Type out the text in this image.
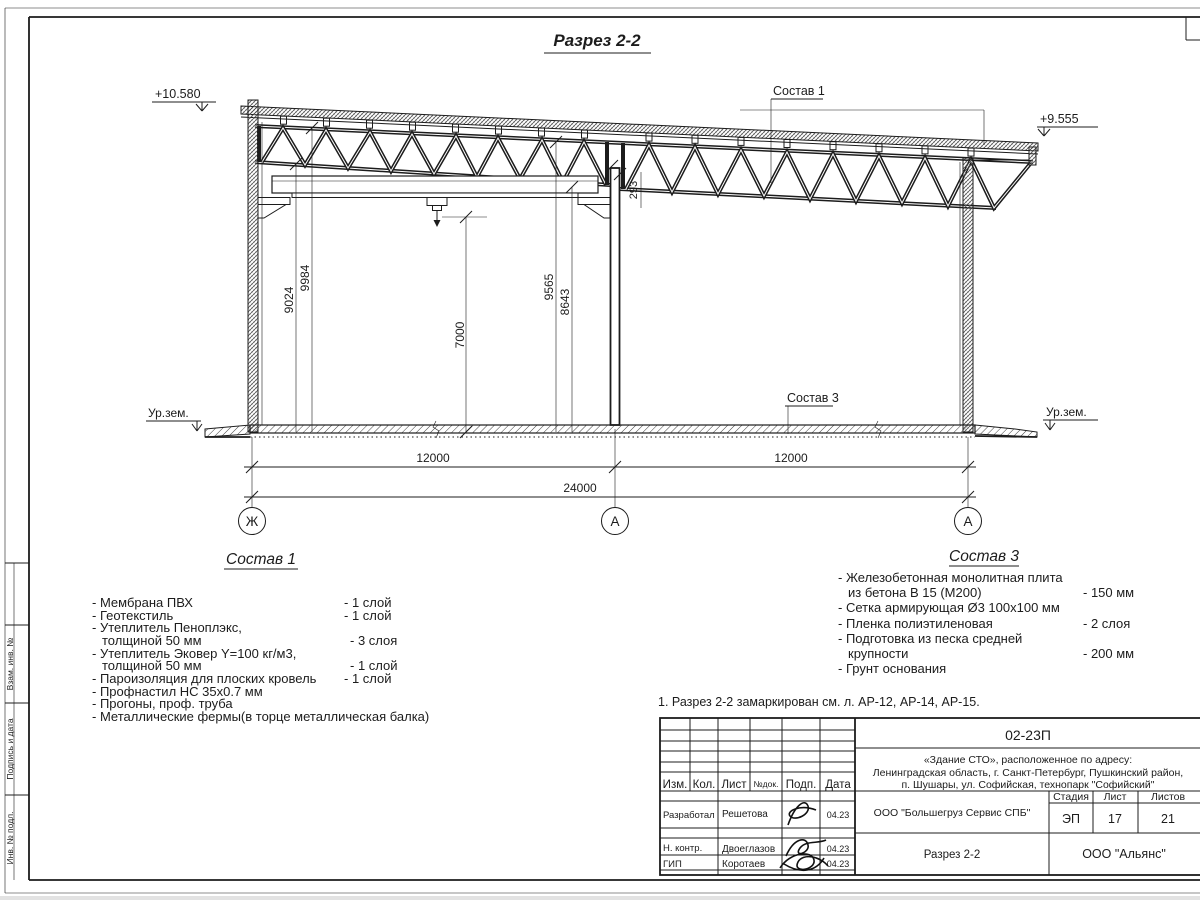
Взам. инв. №
Подпись и дата
Инв. № подл.
Разрез 2-2
+10.580
+9.555
Ур.зем.	Ур.зем.
Состав 1
Состав 3
9024
9984
7000
9565
8643
293
12000	12000
24000
Ж	А	А
Состав 1
- Мембрана ПВХ	- 1 слой
- Геотекстиль	- 1 слой
- Утеплитель Пеноплэкс,
толщиной 50 мм	- 3 слоя
- Утеплитель Эковер Y=100 кг/м3,
толщиной 50 мм	- 1 слой
- Пароизоляция для плоских кровель - 1 слой
- Профнастил НС 35х0.7 мм
- Прогоны, проф. труба
- Металлические фермы(в торце металлическая балка)
Состав 3
- Железобетонная монолитная плита
из бетона В 15 (М200)	- 150 мм
- Сетка армирующая Ø3 100х100 мм
- Пленка полиэтиленовая	- 2 слоя
- Подготовка из песка средней
крупности	- 200 мм
- Грунт основания
1. Разрез 2-2 замаркирован см. л. АР-12, АР-14, АР-15.
Изм. Кол. Лист №док. Подп. Дата
Разработал Решетова	04.23
Н. контр. Двоеглазов	04.23
ГИП	Коротаев	04.23
02-23П
«Здание СТО», расположенное по адресу:
Ленинградская область, г. Санкт-Петербург, Пушкинский район,
п. Шушары, ул. Софийская, технопарк "Софийский"
ООО "Большегруз Сервис СПБ"
Стадия Лист Листов
ЭП 17	21
Разрез 2-2	ООО "Альянс"
